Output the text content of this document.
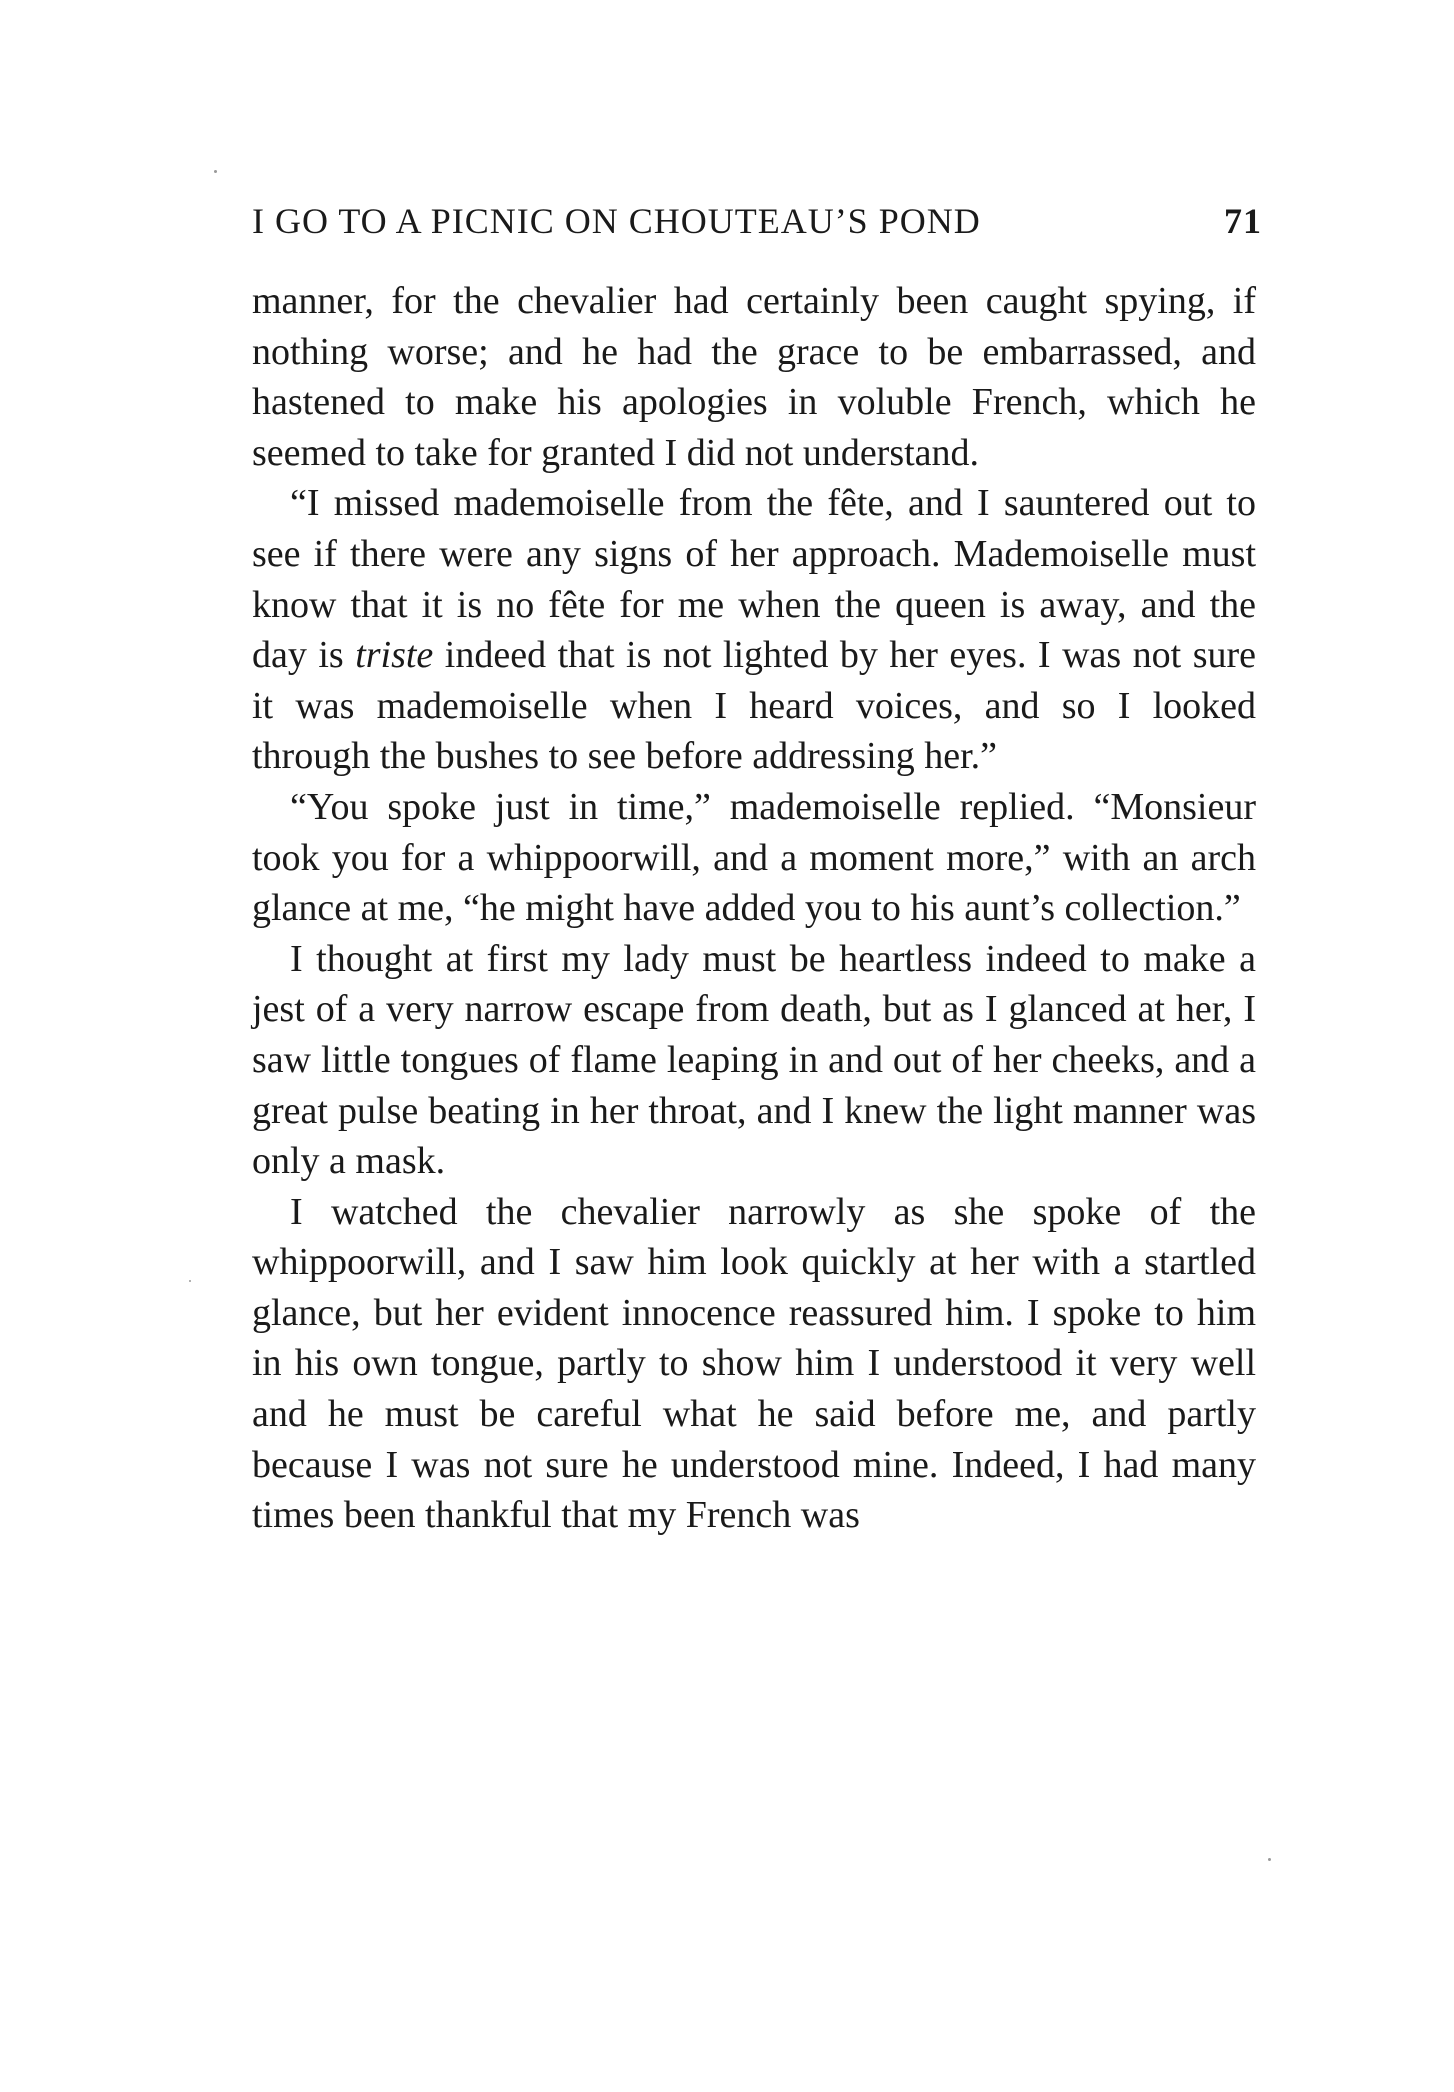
I GO TO A PICNIC ON CHOUTEAU’S POND	71

manner, for the chevalier had certainly been caught spying, if nothing worse; and he had the grace to be embarrassed, and hastened to make his apologies in voluble French, which he seemed to take for granted I did not understand.

“I missed mademoiselle from the fête, and I sauntered out to see if there were any signs of her approach. Mademoiselle must know that it is no fête for me when the queen is away, and the day is triste indeed that is not lighted by her eyes. I was not sure it was mademoiselle when I heard voices, and so I looked through the bushes to see before addressing her.”

“You spoke just in time,” mademoiselle replied. “Monsieur took you for a whippoorwill, and a moment more,” with an arch glance at me, “he might have added you to his aunt’s collection.”

I thought at first my lady must be heartless indeed to make a jest of a very narrow escape from death, but as I glanced at her, I saw little tongues of flame leaping in and out of her cheeks, and a great pulse beating in her throat, and I knew the light manner was only a mask.

I watched the chevalier narrowly as she spoke of the whippoorwill, and I saw him look quickly at her with a startled glance, but her evident innocence reassured him. I spoke to him in his own tongue, partly to show him I understood it very well and he must be careful what he said before me, and partly because I was not sure he understood mine. Indeed, I had many times been thankful that my French was
